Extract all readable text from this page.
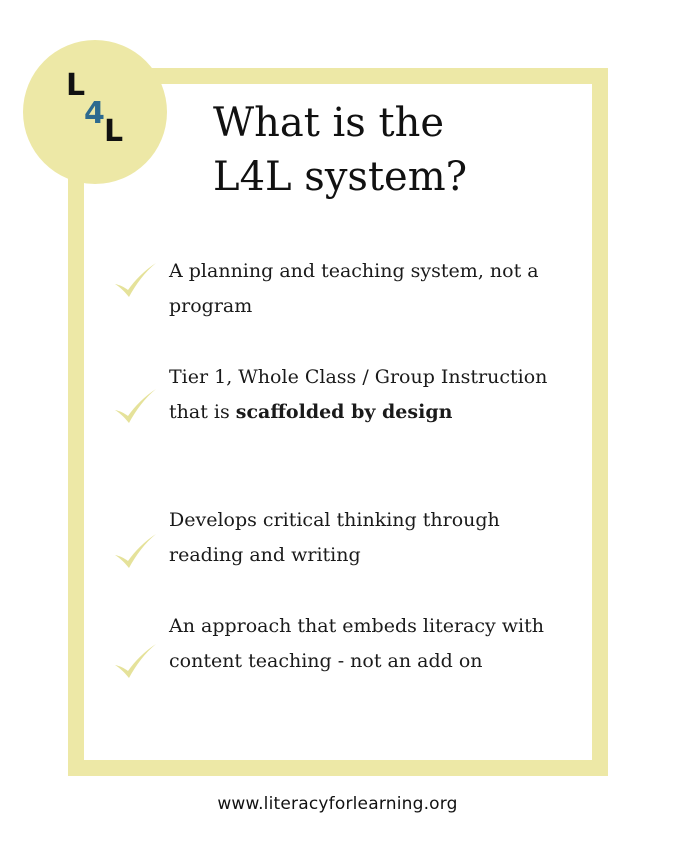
L
4
L What is the
L4L system?

A planning and teaching system, not a program

Tier 1, Whole Class / Group Instruction that is scaffolded by design

Develops critical thinking through reading and writing

An approach that embeds literacy with content teaching - not an add on

www.literacyforlearning.org
